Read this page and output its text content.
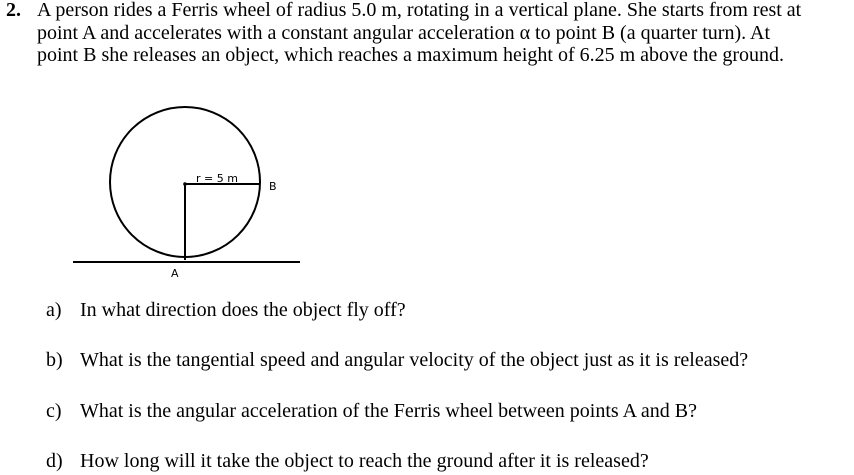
2. A person rides a Ferris wheel of radius 5.0 m, rotating in a vertical plane. She starts from rest at
point A and accelerates with a constant angular acceleration α to point B (a quarter turn). At
point B she releases an object, which reaches a maximum height of 6.25 m above the ground.
r = 5 m
B
A
a) In what direction does the object fly off?
b) What is the tangential speed and angular velocity of the object just as it is released?
c) What is the angular acceleration of the Ferris wheel between points A and B?
d) How long will it take the object to reach the ground after it is released?
